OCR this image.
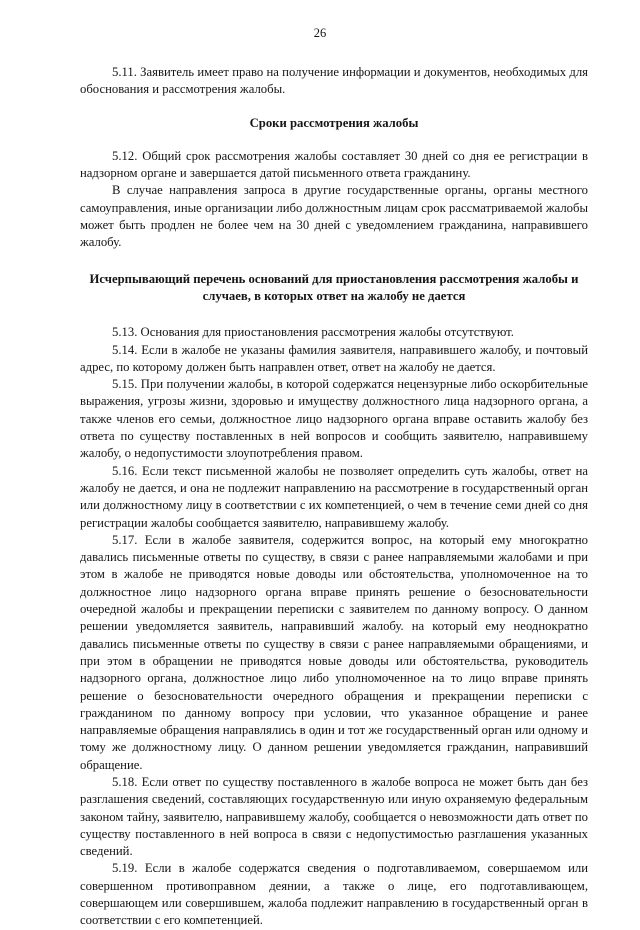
26

5.11. Заявитель имеет право на получение информации и документов, необходимых для обоснования и рассмотрения жалобы.

Сроки рассмотрения жалобы

5.12. Общий срок рассмотрения жалобы составляет 30 дней со дня ее регистрации в надзорном органе и завершается датой письменного ответа гражданину.

В случае направления запроса в другие государственные органы, органы местного самоуправления, иные организации либо должностным лицам срок рассматриваемой жалобы может быть продлен не более чем на 30 дней с уведомлением гражданина, направившего жалобу.

Исчерпывающий перечень оснований для приостановления рассмотрения жалобы и случаев, в которых ответ на жалобу не дается

5.13. Основания для приостановления рассмотрения жалобы отсутствуют.

5.14. Если в жалобе не указаны фамилия заявителя, направившего жалобу, и почтовый адрес, по которому должен быть направлен ответ, ответ на жалобу не дается.

5.15. При получении жалобы, в которой содержатся нецензурные либо оскорбительные выражения, угрозы жизни, здоровью и имуществу должностного лица надзорного органа, а также членов его семьи, должностное лицо надзорного органа вправе оставить жалобу без ответа по существу поставленных в ней вопросов и сообщить заявителю, направившему жалобу, о недопустимости злоупотребления правом.

5.16. Если текст письменной жалобы не позволяет определить суть жалобы, ответ на жалобу не дается, и она не подлежит направлению на рассмотрение в государственный орган или должностному лицу в соответствии с их компетенцией, о чем в течение семи дней со дня регистрации жалобы сообщается заявителю, направившему жалобу.

5.17. Если в жалобе заявителя, содержится вопрос, на который ему многократно давались письменные ответы по существу, в связи с ранее направляемыми жалобами и при этом в жалобе не приводятся новые доводы или обстоятельства, уполномоченное на то должностное лицо надзорного органа вправе принять решение о безосновательности очередной жалобы и прекращении переписки с заявителем по данному вопросу. О данном решении уведомляется заявитель, направивший жалобу. на который ему неоднократно давались письменные ответы по существу в связи с ранее направляемыми обращениями, и при этом в обращении не приводятся новые доводы или обстоятельства, руководитель надзорного органа, должностное лицо либо уполномоченное на то лицо вправе принять решение о безосновательности очередного обращения и прекращении переписки с гражданином по данному вопросу при условии, что указанное обращение и ранее направляемые обращения направлялись в один и тот же государственный орган или одному и тому же должностному лицу. О данном решении уведомляется гражданин, направивший обращение.

5.18. Если ответ по существу поставленного в жалобе вопроса не может быть дан без разглашения сведений, составляющих государственную или иную охраняемую федеральным законом тайну, заявителю, направившему жалобу, сообщается о невозможности дать ответ по существу поставленного в ней вопроса в связи с недопустимостью разглашения указанных сведений.

5.19. Если в жалобе содержатся сведения о подготавливаемом, совершаемом или совершенном противоправном деянии, а также о лице, его подготавливающем, совершающем или совершившем, жалоба подлежит направлению в государственный орган в соответствии с его компетенцией.
